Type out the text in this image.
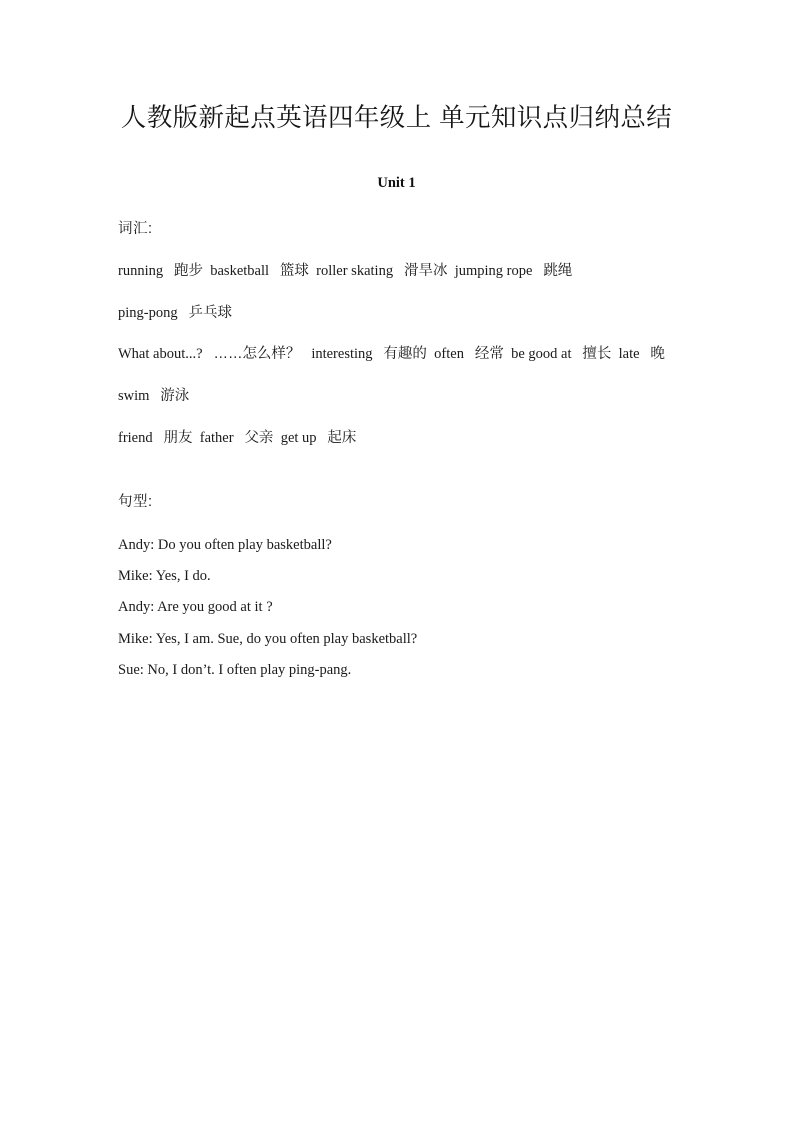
人教版新起点英语四年级上 单元知识点归纳总结
Unit 1
词汇:
running   跑步  basketball   篮球  roller skating   滑旱冰  jumping rope   跳绳
ping-pong   乒乓球
What about...?   ……怎么样？   interesting   有趣的  often   经常  be good at   擅长  late   晚  swim   游泳
friend   朋友  father   父亲  get up   起床
句型:
Andy: Do you often play basketball?
Mike: Yes, I do.
Andy: Are you good at it ?
Mike: Yes, I am. Sue, do you often play basketball?
Sue: No, I don’t. I often play ping-pang.
